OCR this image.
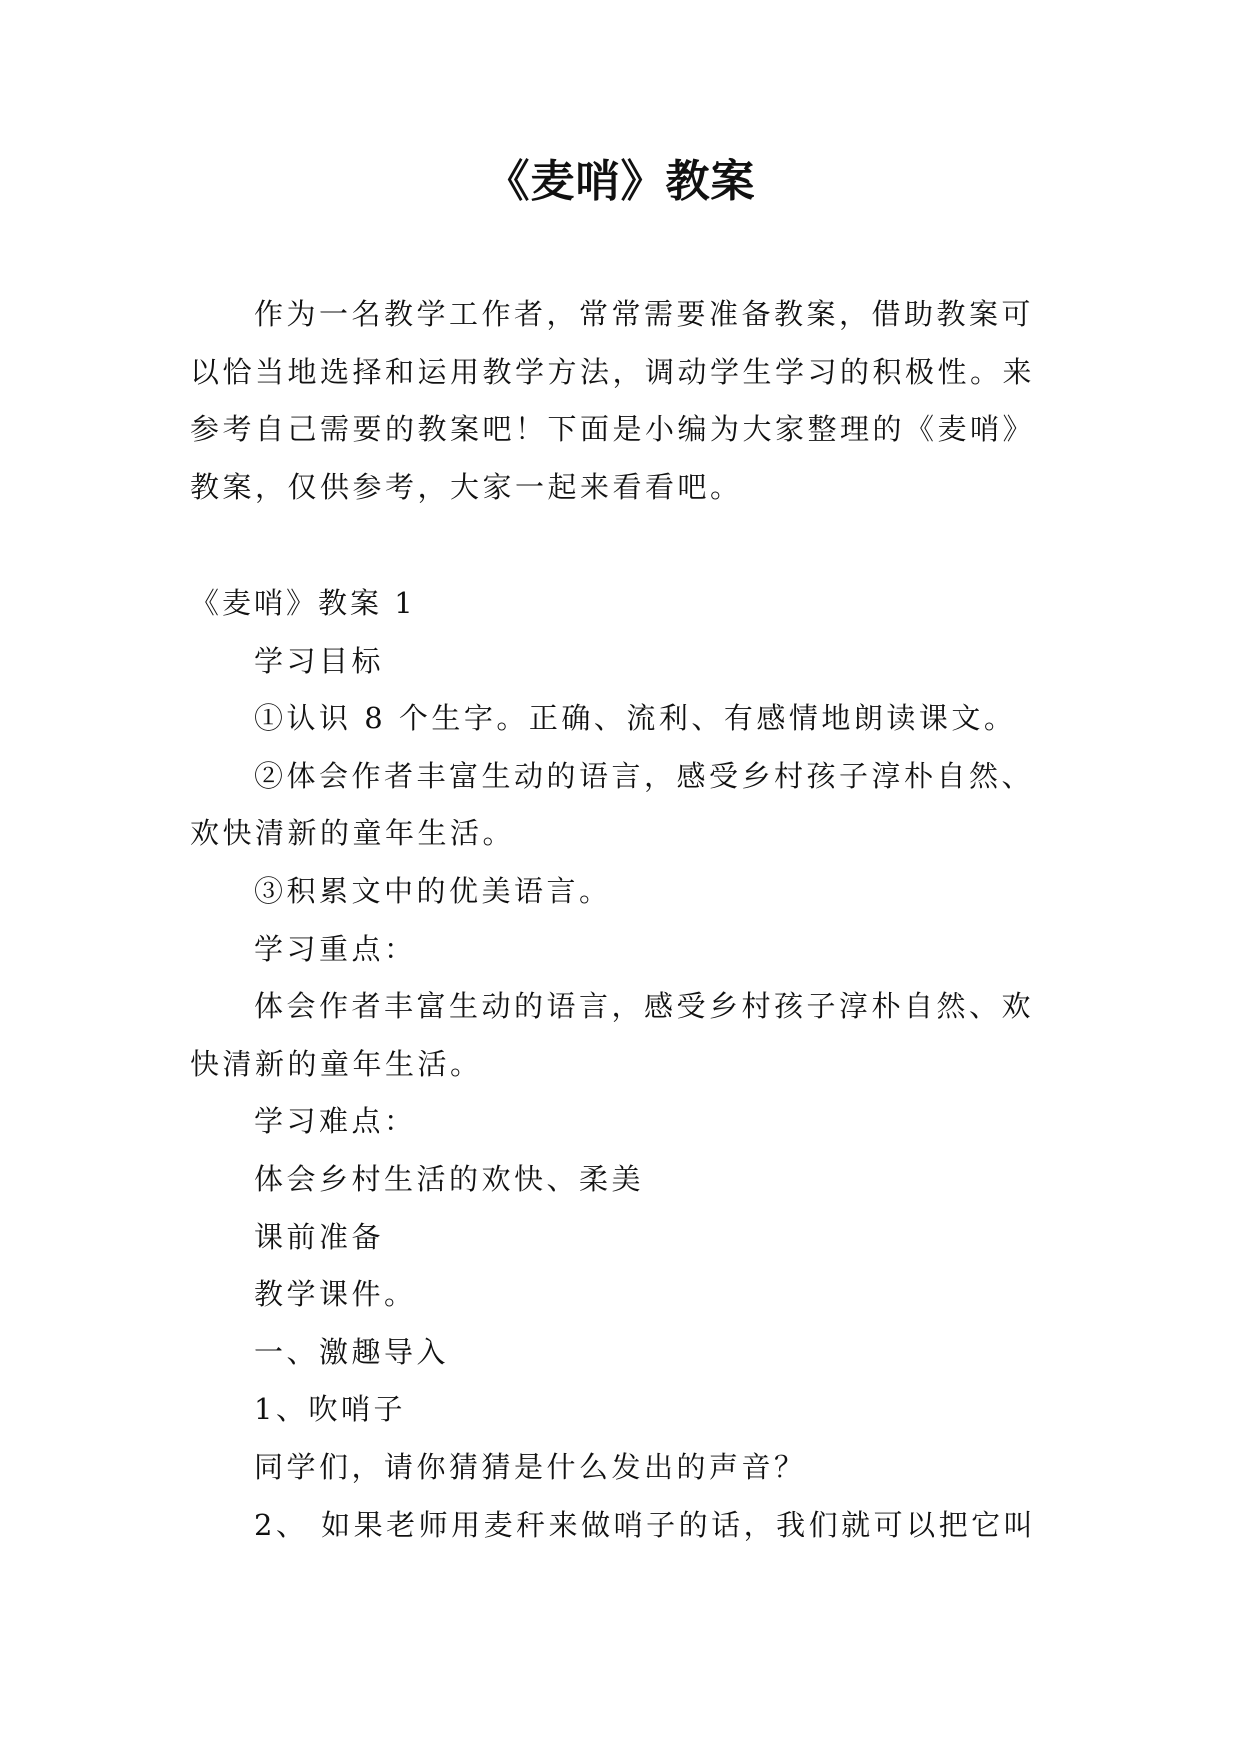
《麦哨》教案

作为一名教学工作者，常常需要准备教案，借助教案可以恰当地选择和运用教学方法，调动学生学习的积极性。来参考自己需要的教案吧！下面是小编为大家整理的《麦哨》教案，仅供参考，大家一起来看看吧。

《麦哨》教案 1

学习目标

①认识 8 个生字。正确、流利、有感情地朗读课文。

②体会作者丰富生动的语言，感受乡村孩子淳朴自然、欢快清新的童年生活。

③积累文中的优美语言。

学习重点：

体会作者丰富生动的语言，感受乡村孩子淳朴自然、欢快清新的童年生活。

学习难点：

体会乡村生活的欢快、柔美

课前准备

教学课件。

一、激趣导入

1、吹哨子

同学们，请你猜猜是什么发出的声音？

2、 如果老师用麦秆来做哨子的话，我们就可以把它叫
